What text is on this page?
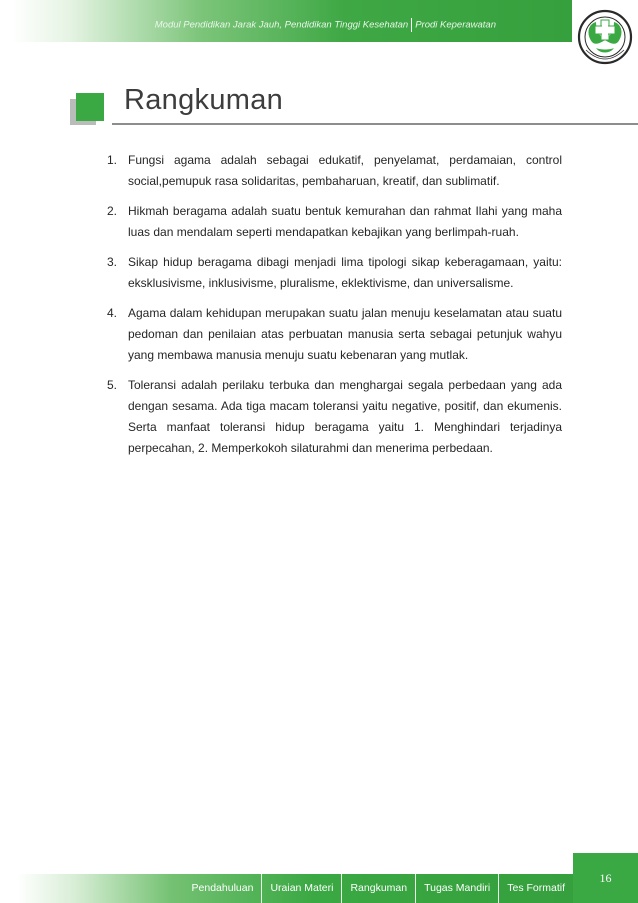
Modul Pendidikan Jarak Jauh, Pendidikan Tinggi Kesehatan Prodi Keperawatan
Rangkuman
1. Fungsi agama adalah sebagai edukatif, penyelamat, perdamaian, control social,pemupuk rasa solidaritas, pembaharuan, kreatif, dan sublimatif.
2. Hikmah beragama adalah suatu bentuk kemurahan dan rahmat Ilahi yang maha luas dan mendalam seperti mendapatkan kebajikan yang berlimpah-ruah.
3. Sikap hidup beragama dibagi menjadi lima tipologi sikap keberagamaan, yaitu: eksklusivisme, inklusivisme, pluralisme, eklektivisme, dan universalisme.
4. Agama dalam kehidupan merupakan suatu jalan menuju keselamatan atau suatu pedoman dan penilaian atas perbuatan manusia serta sebagai petunjuk wahyu yang membawa manusia menuju suatu kebenaran yang mutlak.
5. Toleransi adalah perilaku terbuka dan menghargai segala perbedaan yang ada dengan sesama. Ada tiga macam toleransi yaitu negative, positif, dan ekumenis. Serta manfaat toleransi hidup beragama yaitu 1. Menghindari terjadinya perpecahan, 2. Memperkokoh silaturahmi dan menerima perbedaan.
Pendahuluan	Uraian Materi	Rangkuman	Tugas Mandiri	Tes Formatif
16
